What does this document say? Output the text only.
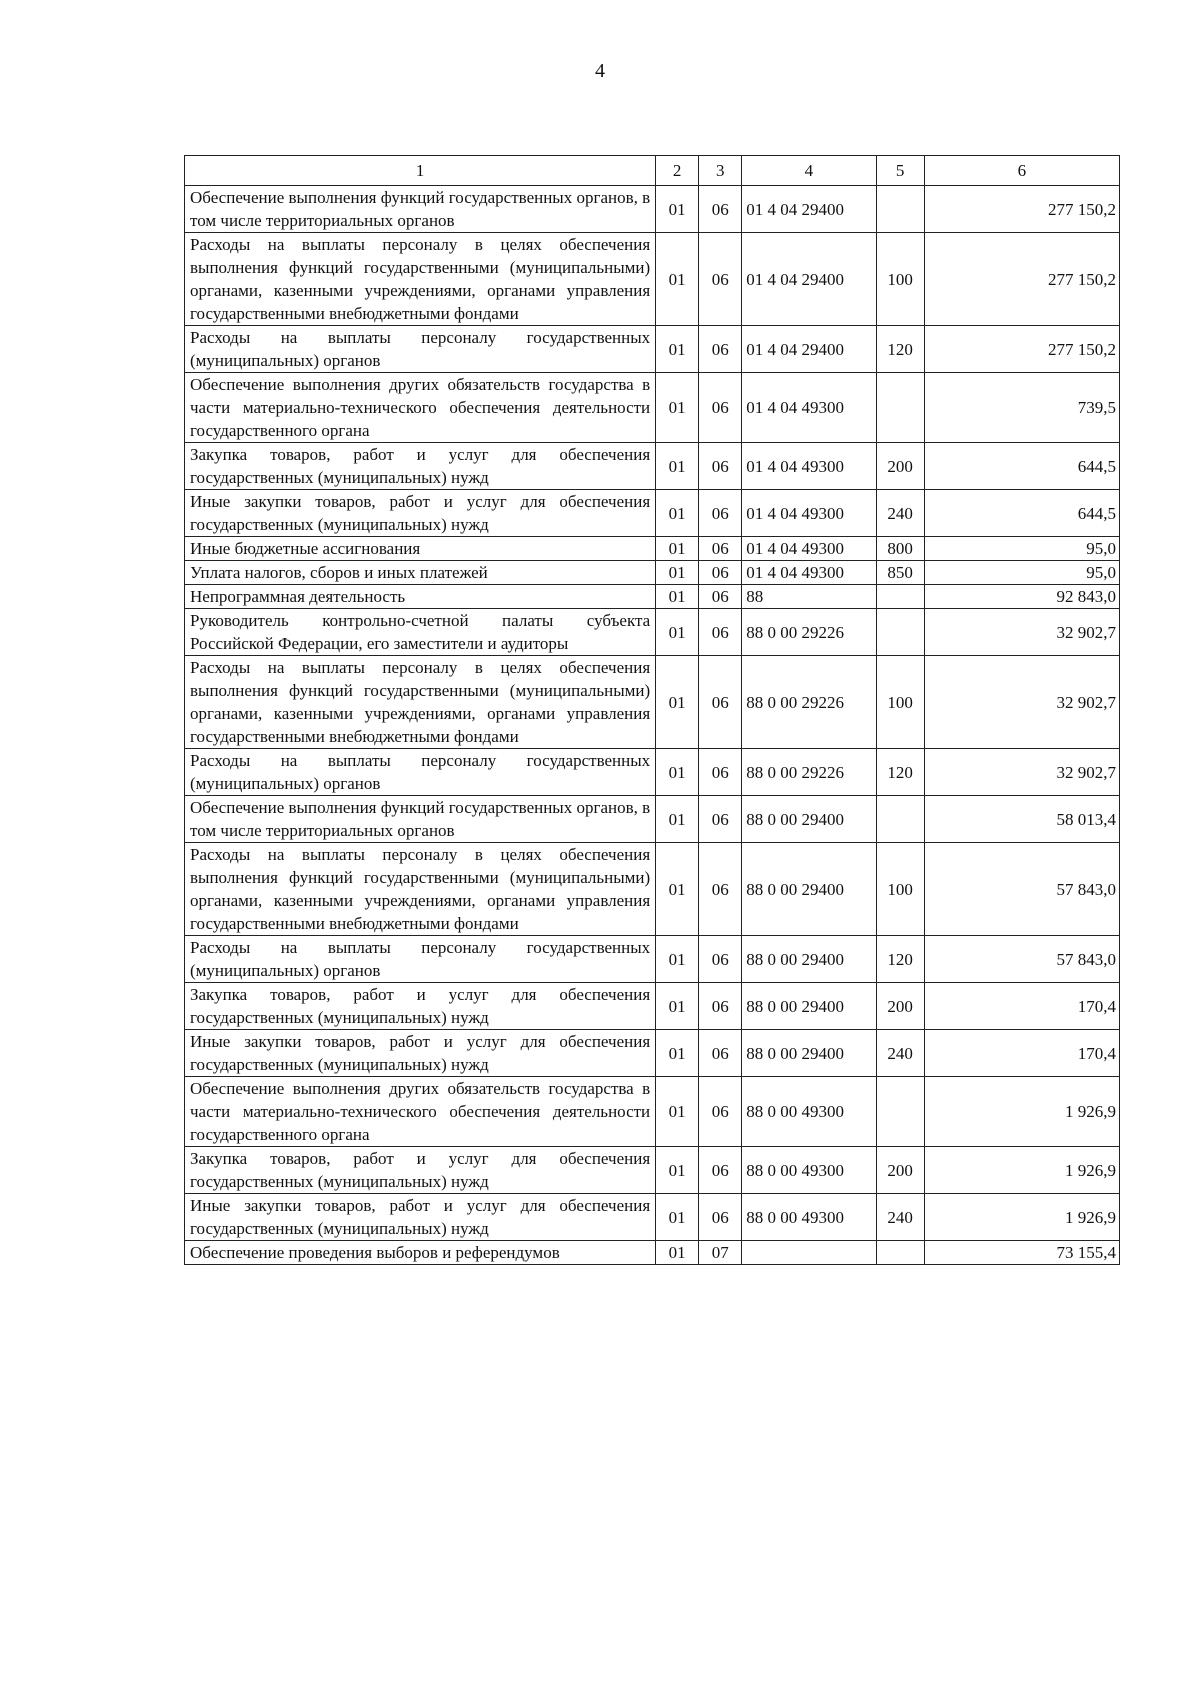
4
1	2	3	4	5	6
Обеспечение выполнения функций государственных органов, в том числе территориальных органов	01	06	01 4 04 29400		277 150,2
Расходы на выплаты персоналу в целях обеспечения выполнения функций государственными (муниципальными) органами, казенными учреждениями, органами управления государственными внебюджетными фондами	01	06	01 4 04 29400	100	277 150,2
Расходы на выплаты персоналу государственных (муниципальных) органов	01	06	01 4 04 29400	120	277 150,2
Обеспечение выполнения других обязательств государства в части материально-технического обеспечения деятельности государственного органа	01	06	01 4 04 49300		739,5
Закупка товаров, работ и услуг для обеспечения государственных (муниципальных) нужд	01	06	01 4 04 49300	200	644,5
Иные закупки товаров, работ и услуг для обеспечения государственных (муниципальных) нужд	01	06	01 4 04 49300	240	644,5
Иные бюджетные ассигнования	01	06	01 4 04 49300	800	95,0
Уплата налогов, сборов и иных платежей	01	06	01 4 04 49300	850	95,0
Непрограммная деятельность	01	06	88		92 843,0
Руководитель контрольно-счетной палаты субъекта Российской Федерации, его заместители и аудиторы	01	06	88 0 00 29226		32 902,7
Расходы на выплаты персоналу в целях обеспечения выполнения функций государственными (муниципальными) органами, казенными учреждениями, органами управления государственными внебюджетными фондами	01	06	88 0 00 29226	100	32 902,7
Расходы на выплаты персоналу государственных (муниципальных) органов	01	06	88 0 00 29226	120	32 902,7
Обеспечение выполнения функций государственных органов, в том числе территориальных органов	01	06	88 0 00 29400		58 013,4
Расходы на выплаты персоналу в целях обеспечения выполнения функций государственными (муниципальными) органами, казенными учреждениями, органами управления государственными внебюджетными фондами	01	06	88 0 00 29400	100	57 843,0
Расходы на выплаты персоналу государственных (муниципальных) органов	01	06	88 0 00 29400	120	57 843,0
Закупка товаров, работ и услуг для обеспечения государственных (муниципальных) нужд	01	06	88 0 00 29400	200	170,4
Иные закупки товаров, работ и услуг для обеспечения государственных (муниципальных) нужд	01	06	88 0 00 29400	240	170,4
Обеспечение выполнения других обязательств государства в части материально-технического обеспечения деятельности государственного органа	01	06	88 0 00 49300		1 926,9
Закупка товаров, работ и услуг для обеспечения государственных (муниципальных) нужд	01	06	88 0 00 49300	200	1 926,9
Иные закупки товаров, работ и услуг для обеспечения государственных (муниципальных) нужд	01	06	88 0 00 49300	240	1 926,9
Обеспечение проведения выборов и референдумов	01	07			73 155,4
